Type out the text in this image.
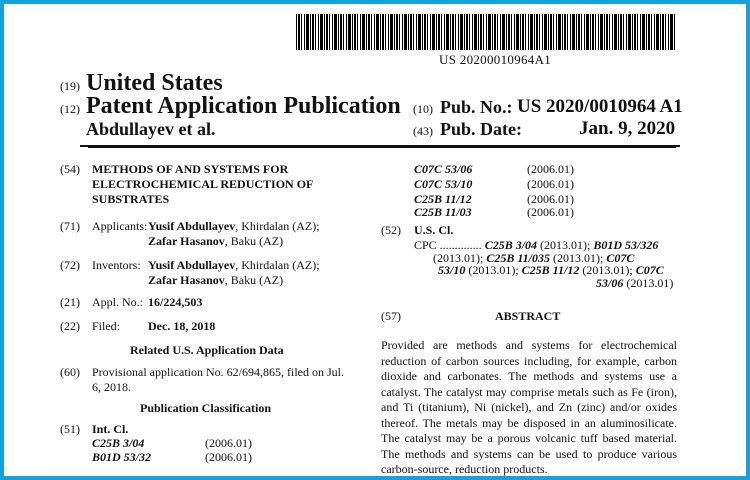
US 20200010964A1
(19) United States
(12) Patent Application Publication
Abdullayev et al.
(10) Pub. No.: US 2020/0010964 A1
(43) Pub. Date:	Jan. 9, 2020
(54) METHODS OF AND SYSTEMS FOR
ELECTROCHEMICAL REDUCTION OF
SUBSTRATES
(71) Applicants: Yusif Abdullayev, Khirdalan (AZ);
Zafar Hasanov, Baku (AZ)
(72) Inventors: Yusif Abdullayev, Khirdalan (AZ);
Zafar Hasanov, Baku (AZ)
(21) Appl. No.: 16/224,503
(22) Filed: Dec. 18, 2018
Related U.S. Application Data
(60) Provisional application No. 62/694,865, filed on Jul.
6, 2018.
Publication Classification
(51) Int. Cl.
C25B 3/04	(2006.01)
B01D 53/32	(2006.01)
C07C 53/06	(2006.01)
C07C 53/10	(2006.01)
C25B 11/12	(2006.01)
C25B 11/03	(2006.01)
(52) U.S. Cl.
CPC .............. C25B 3/04 (2013.01); B01D 53/326
(2013.01); C25B 11/035 (2013.01); C07C
53/10 (2013.01); C25B 11/12 (2013.01); C07C
53/06 (2013.01)
(57)	ABSTRACT
Provided are methods and systems for electrochemical
reduction of carbon sources including, for example, carbon
dioxide and carbonates. The methods and systems use a
catalyst. The catalyst may comprise metals such as Fe (iron),
and Ti (titanium), Ni (nickel), and Zn (zinc) and/or oxides
thereof. The metals may be disposed in an aluminosilicate.
The catalyst may be a porous volcanic tuff based material.
The methods and systems can be used to produce various
carbon-source, reduction products.
